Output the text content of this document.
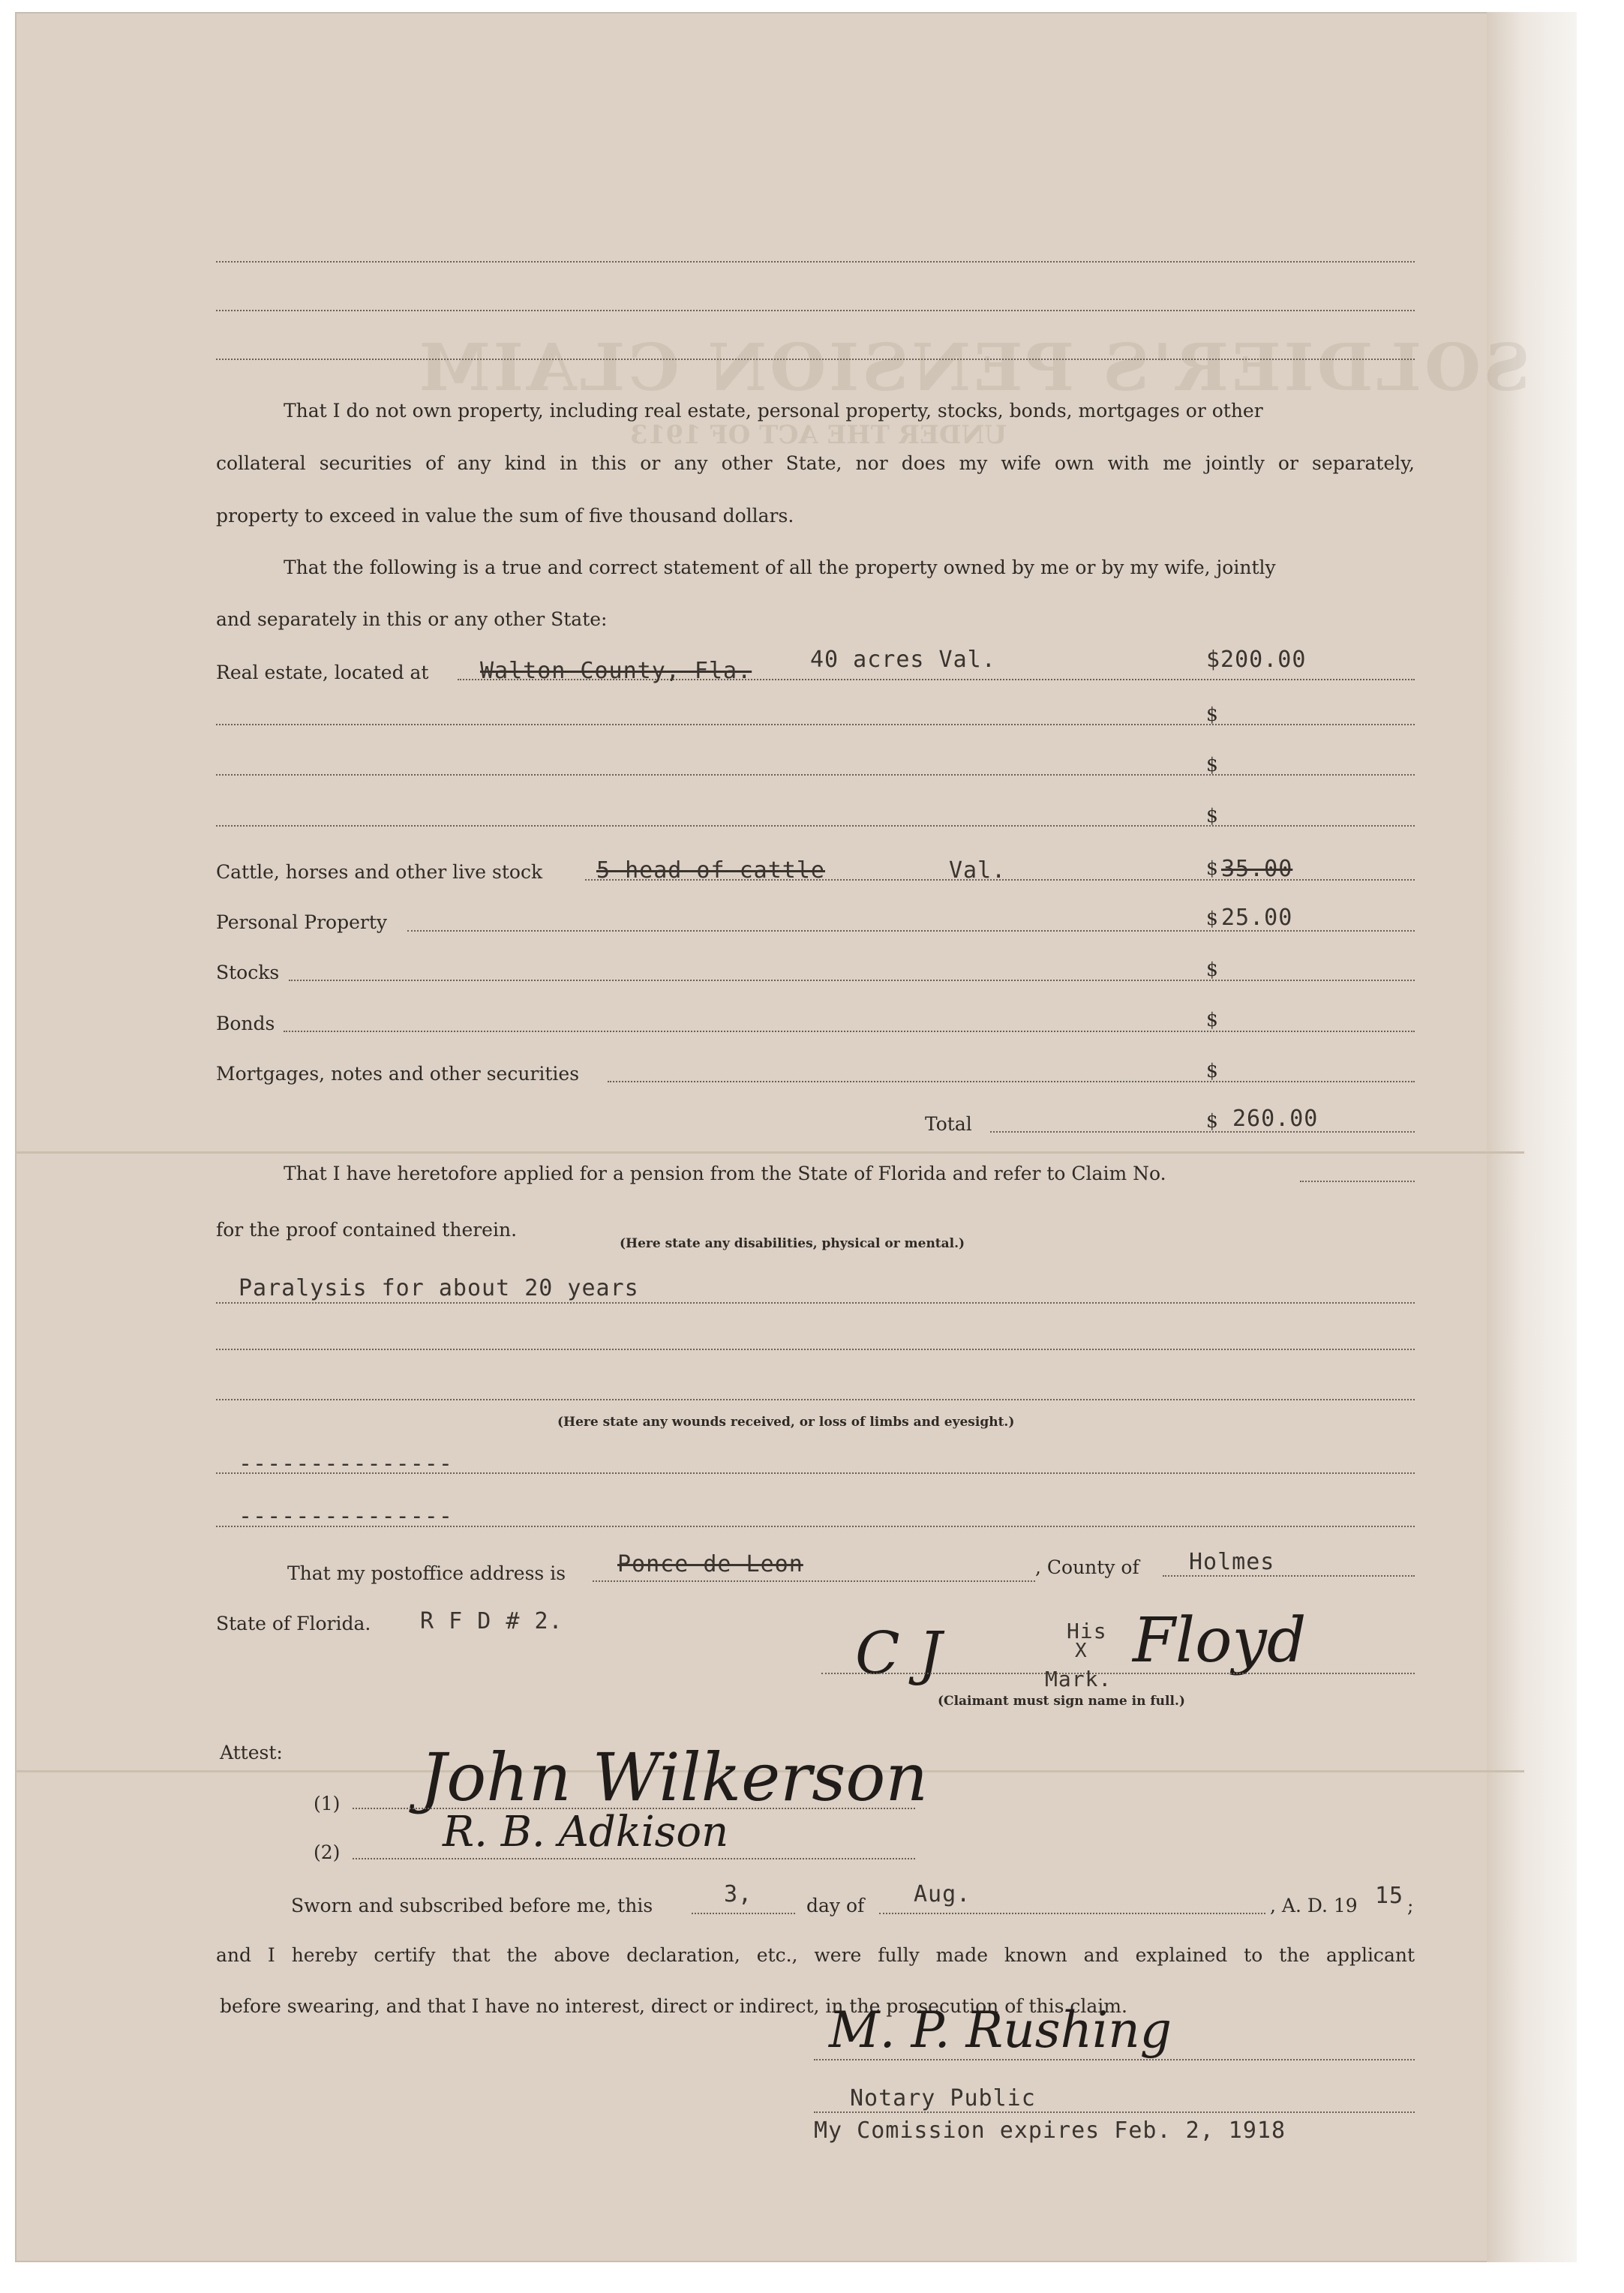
SOLDIER'S PENSION CLAIM
UNDER THE ACT OF 1913
That I do not own property, including real estate, personal property, stocks, bonds, mortgages or other
collateral securities of any kind in this or any other State, nor does my wife own with me jointly or separately,
property to exceed in value the sum of five thousand dollars.
That the following is a true and correct statement of all the property owned by me or by my wife, jointly
and separately in this or any other State:
Real estate, located at Walton County, Fla.	40 acres Val.	$200.00
$
$
$
Cattle, horses and other live stock 5 head of cattle	Val.	$ 35.00
Personal Property	$ 25.00
Stocks	$
Bonds	$
Mortgages, notes and other securities	$
Total	$ 260.00
That I have heretofore applied for a pension from the State of Florida and refer to Claim No.
for the proof contained therein.
(Here state any disabilities, physical or mental.)
Paralysis for about 20 years
(Here state any wounds received, or loss of limbs and eyesight.)
---------------
---------------
That my postoffice address is Ponce de Leon	, County of Holmes
State of Florida. R F D # 2.	C J	His
X Floyd
Mark.
(Claimant must sign name in full.)
Attest:
(1) John Wilkerson
(2) R. B. Adkison
Sworn and subscribed before me, this	3,	day of Aug.	, A. D. 19 15 ;
and I hereby certify that the above declaration, etc., were fully made known and explained to the applicant
before swearing, and that I have no interest, direct or indirect, in the prosecution of this claim.
M. P. Rushing
Notary Public
My Comission expires Feb. 2, 1918
